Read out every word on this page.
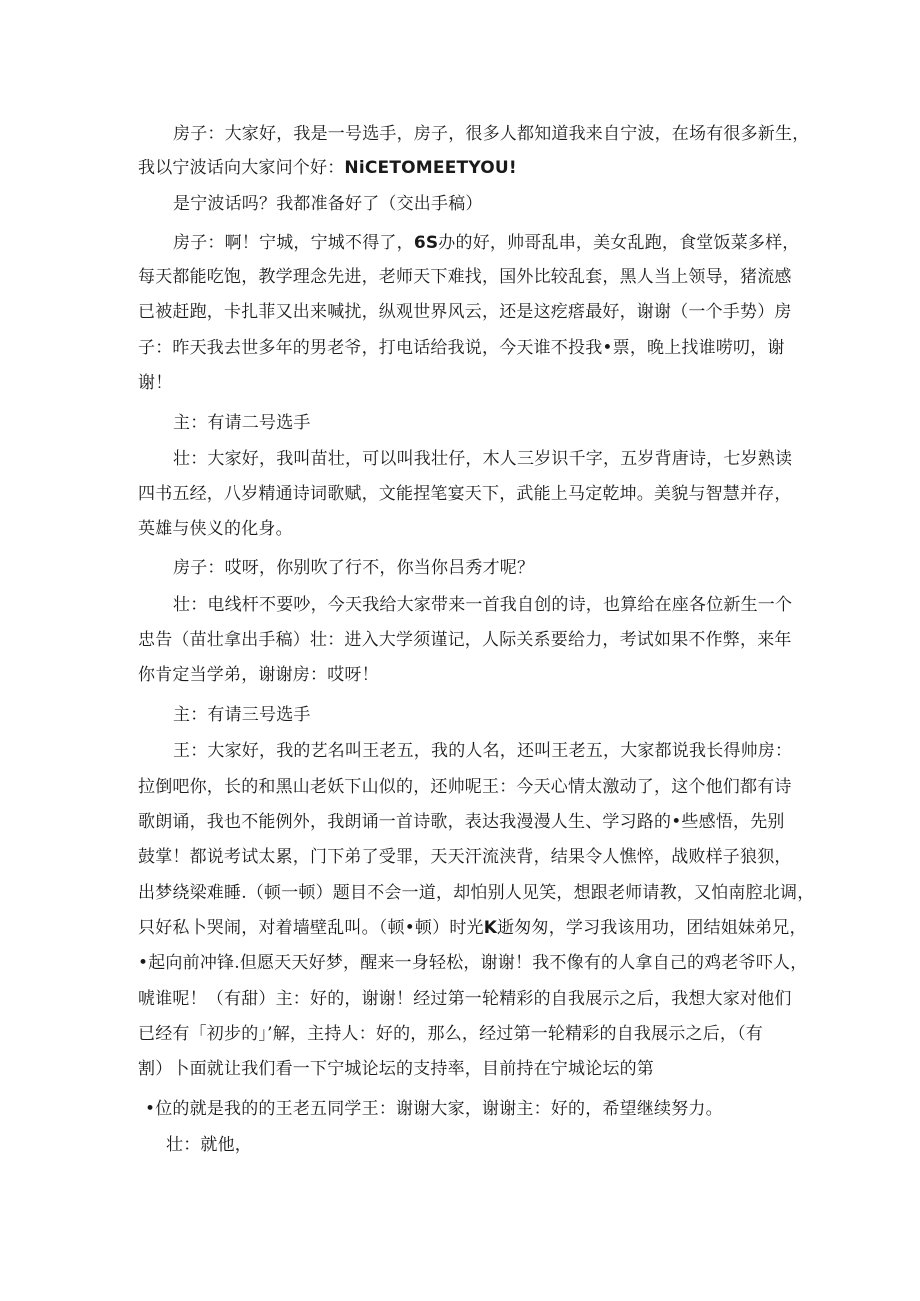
房子：大家好，我是一号选手，房子，很多人都知道我来自宁波，在场有很多新生，
我以宁波话向大家问个好：NiCETOMEETYOU!
是宁波话吗？我都准备好了（交出手稿）
房子：啊！宁城，宁城不得了，6S办的好，帅哥乱串，美女乱跑，食堂饭菜多样，
每天都能吃饱，教学理念先进，老师天下难找，国外比较乱套，黑人当上领导，猪流感
已被赶跑，卡扎菲又出来喊扰，纵观世界风云，还是这疙瘩最好，谢谢（一个手势）房
子：昨天我去世多年的男老爷，打电话给我说，今天谁不投我•票，晚上找谁唠叨，谢
谢！
主：有请二号选手
壮：大家好，我叫苗壮，可以叫我壮仔，木人三岁识千字，五岁背唐诗，七岁熟读
四书五经，八岁精通诗词歌赋，文能捏笔宴天下，武能上马定乾坤。美貌与智慧并存，
英雄与侠义的化身。
房子：哎呀，你别吹了行不，你当你吕秀才呢？
壮：电线杆不要吵，今天我给大家带来一首我自创的诗，也算给在座各位新生一个
忠告（苗壮拿出手稿）壮：进入大学须谨记，人际关系要给力，考试如果不作弊，来年
你肯定当学弟，谢谢房：哎呀！
主：有请三号选手
王：大家好，我的艺名叫王老五，我的人名，还叫王老五，大家都说我长得帅房：
拉倒吧你，长的和黑山老妖下山似的，还帅呢王：今天心情太激动了，这个他们都有诗
歌朗诵，我也不能例外，我朗诵一首诗歌，表达我漫漫人生、学习路的•些感悟，先别
鼓掌！都说考试太累，门下弟了受罪，天天汗流浃背，结果令人憔悴，战败样子狼狈，
出梦绕梁难睡.（顿一顿）题目不会一道，却怕别人见笑，想跟老师请教，又怕南腔北调，
只好私卜哭闹，对着墙壁乱叫。（顿•顿）时光K逝匆匆，学习我该用功，团结姐妹弟兄，
•起向前冲锋.但愿天天好梦，醒来一身轻松，谢谢！我不像有的人拿自己的鸡老爷吓人，
唬谁呢！（有甜）主：好的，谢谢！经过第一轮精彩的自我展示之后，我想大家对他们
已经有「初步的」’解，主持人：好的，那么，经过第一轮精彩的自我展示之后，（有
割）卜面就让我们看一下宁城论坛的支持率，目前持在宁城论坛的第
•位的就是我的的王老五同学王：谢谢大家，谢谢主：好的，希望继续努力。
壮：就他，
